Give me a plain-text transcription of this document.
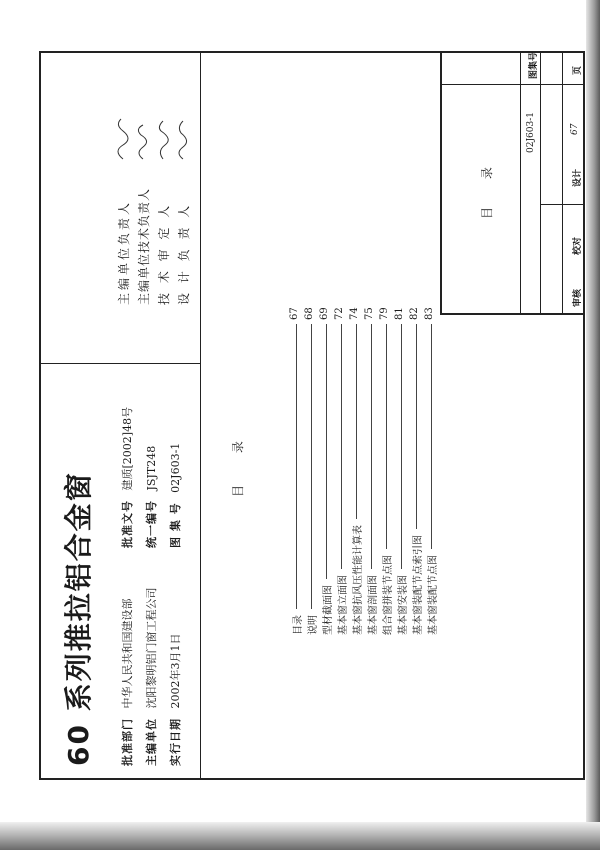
60 系列推拉铝合金窗 批准部门 中华人民共和国建设部
主编单位 沈阳黎明铝门窗工程公司
实行日期 2002年3月1日
批准文号 建质[2002]48号
统一编号 JSJT248
图 集 号 02J603-1
主编单位负责人 主编单位技术负责人 技 术 审 定 人 设 计 负 责 人
目 录
目录
67
说明
68
型材截面图
69
基本窗立面图
72
基本窗抗风压性能计算表
74
基本窗剖面图
75
组合窗拼装节点图
79
基本窗安装图
81
基本窗装配节点索引图
82
基本窗装配节点图
83
目 录
图集号
02J603-1
审核
校对
设计
页
67
